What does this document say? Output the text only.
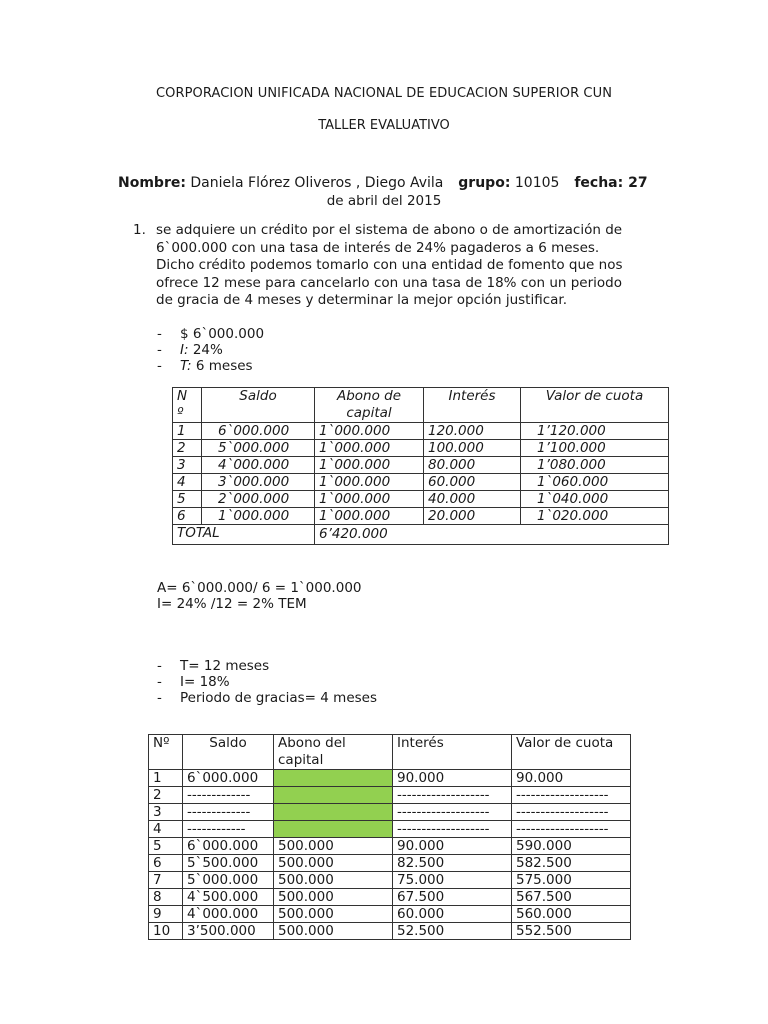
CORPORACION UNIFICADA NACIONAL DE EDUCACION SUPERIOR CUN
TALLER EVALUATIVO
Nombre: Daniela Flórez Oliveros , Diego Avila grupo: 10105 fecha: 27
de abril del 2015
1. se adquiere un crédito por el sistema de abono o de amortización de
6`000.000 con una tasa de interés de 24% pagaderos a 6 meses.
Dicho crédito podemos tomarlo con una entidad de fomento que nos
ofrece 12 mese para cancelarlo con una tasa de 18% con un periodo
de gracia de 4 meses y determinar la mejor opción justificar.
- $ 6`000.000
- I: 24%
- T: 6 meses
N
º	Saldo	Abono de
capital	Interés	Valor de cuota
1	6`000.000	1`000.000	120.000	1’120.000
2	5`000.000	1`000.000	100.000	1’100.000
3	4`000.000	1`000.000	80.000	1’080.000
4	3`000.000	1`000.000	60.000	1`060.000
5	2`000.000	1`000.000	40.000	1`040.000
6	1`000.000	1`000.000	20.000	1`020.000
TOTAL		6’420.000		
A= 6`000.000/ 6 = 1`000.000
I= 24% /12 = 2% TEM
- T= 12 meses
- I= 18%
- Periodo de gracias= 4 meses
Nº	Saldo	Abono del
capital	Interés	Valor de cuota
1	6`000.000		90.000	90.000
2	-------------		-------------------	-------------------
3	-------------		-------------------	-------------------
4	------------		-------------------	-------------------
5	6`000.000	500.000	90.000	590.000
6	5`500.000	500.000	82.500	582.500
7	5`000.000	500.000	75.000	575.000
8	4`500.000	500.000	67.500	567.500
9	4`000.000	500.000	60.000	560.000
10	3’500.000	500.000	52.500	552.500
